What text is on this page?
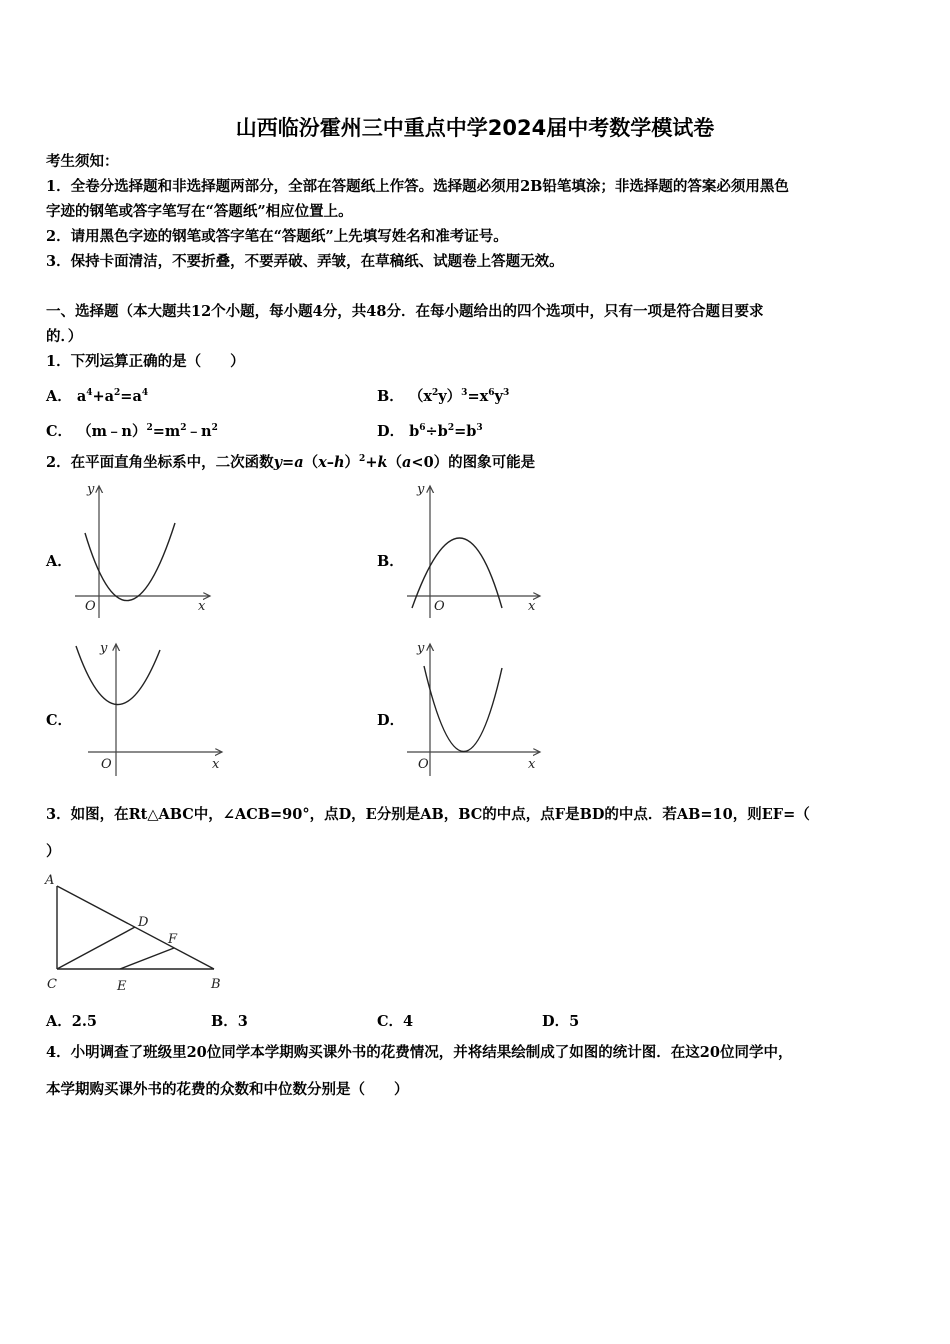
山西临汾霍州三中重点中学2024届中考数学模试卷
考生须知：
1．全卷分选择题和非选择题两部分，全部在答题纸上作答。选择题必须用2B铅笔填涂；非选择题的答案必须用黑色
字迹的钢笔或答字笔写在“答题纸”相应位置上。
2．请用黑色字迹的钢笔或答字笔在“答题纸”上先填写姓名和准考证号。
3．保持卡面清洁，不要折叠，不要弄破、弄皱，在草稿纸、试题卷上答题无效。
一、选择题（本大题共12个小题，每小题4分，共48分．在每小题给出的四个选项中，只有一项是符合题目要求
的．）
1．下列运算正确的是（　　）
A． $a^4+a^2=a^4$	B． $(x^2y)^3=x^6y^3$
C． $(m﹣n)^2=m^2﹣n^2$	D． $b^6\div b^2=b^3$
2．在平面直角坐标系中，二次函数$y=a(x-h)^2+k(a<0)$的图象可能是
A．
y
x
O
B．
y
x
O
C．
y
x
O
D．
y
x
O
3．如图，在Rt△ABC中，∠ACB=90°，点D，E分别是AB，BC的中点，点F是BD的中点．若AB=10，则EF=（
）
A
D
F
C	E	B
A．2.5	B．3	C．4	D．5
4．小明调查了班级里20位同学本学期购买课外书的花费情况，并将结果绘制成了如图的统计图．在这20位同学中，
本学期购买课外书的花费的众数和中位数分别是（　　）
